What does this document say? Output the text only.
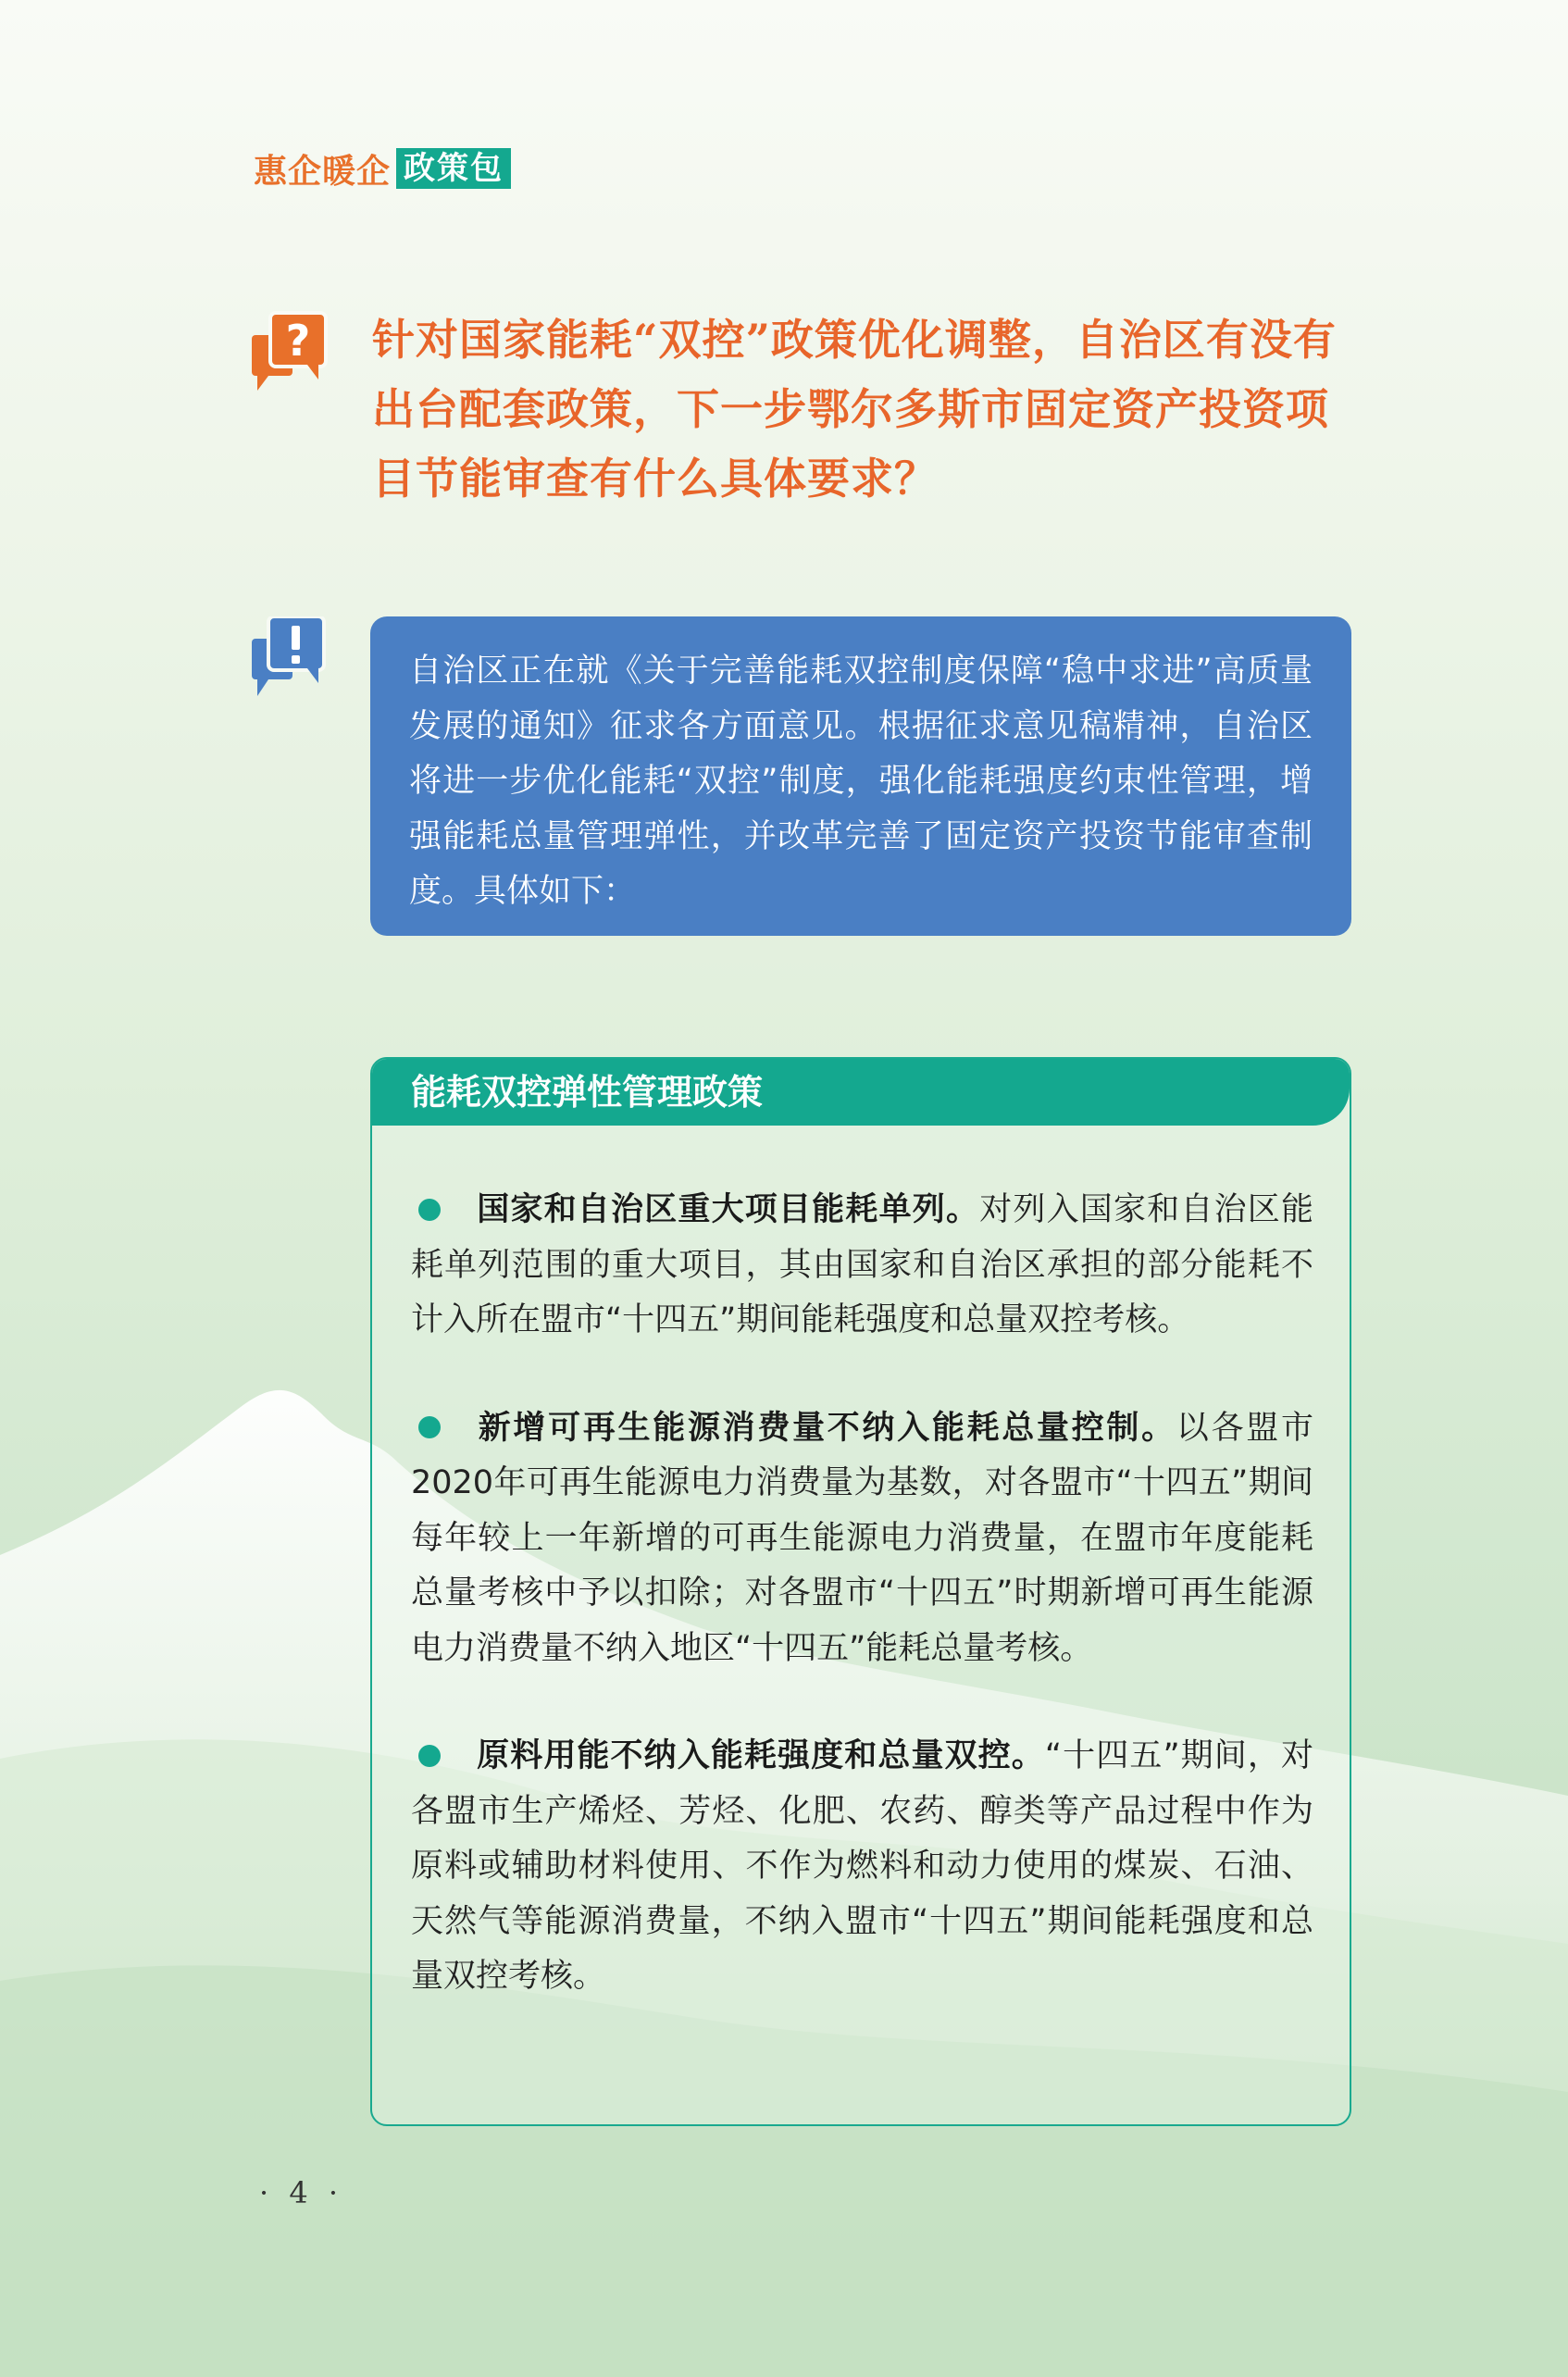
惠企暖企 政策包
? 针对国家能耗“双控”政策优化调整，自治区有没有出台配套政策，下一步鄂尔多斯市固定资产投资项目节能审查有什么具体要求？

自治区正在就《关于完善能耗双控制度保障“稳中求进”高质量发展的通知》征求各方面意见。根据征求意见稿精神，自治区将进一步优化能耗“双控”制度，强化能耗强度约束性管理，增强能耗总量管理弹性，并改革完善了固定资产投资节能审查制度。具体如下：

能耗双控弹性管理政策

国家和自治区重大项目能耗单列。对列入国家和自治区能耗单列范围的重大项目，其由国家和自治区承担的部分能耗不计入所在盟市“十四五”期间能耗强度和总量双控考核。

新增可再生能源消费量不纳入能耗总量控制。以各盟市2020年可再生能源电力消费量为基数，对各盟市“十四五”期间每年较上一年新增的可再生能源电力消费量，在盟市年度能耗总量考核中予以扣除；对各盟市“十四五”时期新增可再生能源电力消费量不纳入地区“十四五”能耗总量考核。

原料用能不纳入能耗强度和总量双控。“十四五”期间，对各盟市生产烯烃、芳烃、化肥、农药、醇类等产品过程中作为原料或辅助材料使用、不作为燃料和动力使用的煤炭、石油、天然气等能源消费量，不纳入盟市“十四五”期间能耗强度和总量双控考核。

· 4 ·
